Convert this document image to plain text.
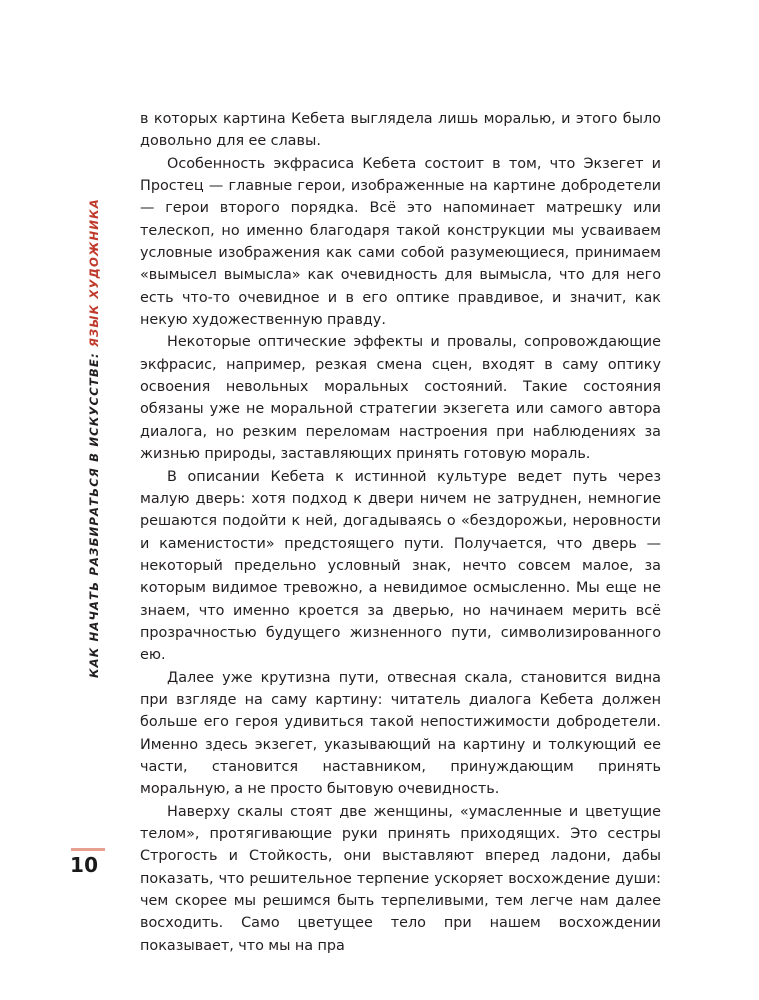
КАК НАЧАТЬ РАЗБИРАТЬСЯ В ИСКУССТВЕ: ЯЗЫК ХУДОЖНИКА
10

в которых картина Кебета выглядела лишь моралью, и этого было довольно для ее славы.

Особенность экфрасиса Кебета состоит в том, что Экзегет и Простец — главные герои, изображенные на картине добродетели — герои второго порядка. Всё это напоминает матрешку или телескоп, но именно благодаря такой конструкции мы усваиваем условные изображения как сами собой разумеющиеся, принимаем «вымысел вымысла» как очевидность для вымысла, что для него есть что-то очевидное и в его оптике правдивое, и значит, как некую художественную правду.

Некоторые оптические эффекты и провалы, сопровождающие экфрасис, например, резкая смена сцен, входят в саму оптику освоения невольных моральных состояний. Такие состояния обязаны уже не моральной стратегии экзегета или самого автора диалога, но резким переломам настроения при наблюдениях за жизнью природы, заставляющих принять готовую мораль.

В описании Кебета к истинной культуре ведет путь через малую дверь: хотя подход к двери ничем не затруднен, немногие решаются подойти к ней, догадываясь о «бездорожьи, неровности и каменистости» предстоящего пути. Получается, что дверь — некоторый предельно условный знак, нечто совсем малое, за которым видимое тревожно, а невидимое осмысленно. Мы еще не знаем, что именно кроется за дверью, но начинаем мерить всё прозрачностью будущего жизненного пути, символизированного ею.

Далее уже крутизна пути, отвесная скала, становится видна при взгляде на саму картину: читатель диалога Кебета должен больше его героя удивиться такой непостижимости добродетели. Именно здесь экзегет, указывающий на картину и толкующий ее части, становится наставником, принуждающим принять моральную, а не просто бытовую очевидность.

Наверху скалы стоят две женщины, «умасленные и цветущие телом», протягивающие руки принять приходящих. Это сестры Строгость и Стойкость, они выставляют вперед ладони, дабы показать, что решительное терпение ускоряет восхождение души: чем скорее мы решимся быть терпеливыми, тем легче нам далее восходить. Само цветущее тело при нашем восхождении показывает, что мы на пра
